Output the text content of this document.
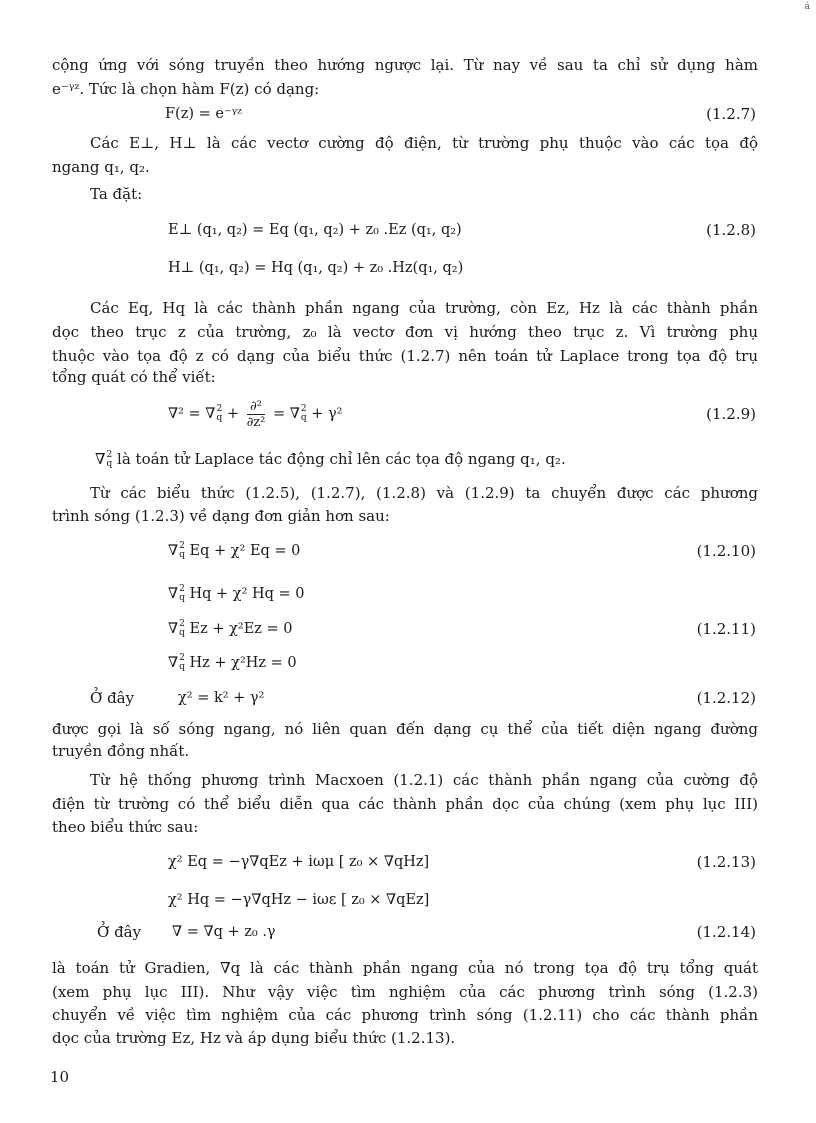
á
cộng ứng với sóng truyền theo hướng ngược lại. Từ nay về sau ta chỉ sử dụng hàm
e⁻ᵞᶻ. Tức là chọn hàm F(z) có dạng:
F(z) = e⁻ᵞᶻ	(1.2.7)
Các E⊥, H⊥ là các vectơ cường độ điện, từ trường phụ thuộc vào các tọa độ
ngang q₁, q₂.
Ta đặt:
E⊥ (q₁, q₂) = Eq (q₁, q₂) + z₀ .Ez (q₁, q₂)	(1.2.8)
H⊥ (q₁, q₂) = Hq (q₁, q₂) + z₀ .Hz(q₁, q₂)
Các Eq, Hq là các thành phần ngang của trường, còn Ez, Hz là các thành phần
dọc theo trục z của trường, z₀ là vectơ đơn vị hướng theo trục z. Vì trường phụ
thuộc vào tọa độ z có dạng của biểu thức (1.2.7) nên toán tử Laplace trong tọa độ trụ
tổng quát có thể viết:
∇² = ∇ 2
$q + \frac{\text{∂²}}{\text{∂z²}}$ = ∇ 2
q + γ²	(1.2.9)
∇ 2
q là toán tử Laplace tác động chỉ lên các tọa độ ngang q₁, q₂.
Từ các biểu thức (1.2.5), (1.2.7), (1.2.8) và (1.2.9) ta chuyển được các phương
trình sóng (1.2.3) về dạng đơn giản hơn sau:
∇ 2
q Eq + χ² Eq = 0	(1.2.10)
∇ 2
q Hq + χ² Hq = 0
∇ 2
q Ez + χ²Ez = 0	(1.2.11)
∇ 2
q Hz + χ²Hz = 0
Ở đây	χ² = k² + γ²	(1.2.12)
được gọi là số sóng ngang, nó liên quan đến dạng cụ thể của tiết diện ngang đường
truyền đồng nhất.
Từ hệ thống phương trình Macxoen (1.2.1) các thành phần ngang của cường độ
điện từ trường có thể biểu diễn qua các thành phần dọc của chúng (xem phụ lục III)
theo biểu thức sau:
χ² Eq = −γ∇qEz + iωμ [ z₀ × ∇qHz]	(1.2.13)
χ² Hq = −γ∇qHz − iωε [ z₀ × ∇qEz]
Ở đây ∇ = ∇q + z₀ .γ	(1.2.14)
là toán tử Gradien, ∇q là các thành phần ngang của nó trong tọa độ trụ tổng quát
(xem phụ lục III). Như vậy việc tìm nghiệm của các phương trình sóng (1.2.3)
chuyển về việc tìm nghiệm của các phương trình sóng (1.2.11) cho các thành phần
dọc của trường Ez, Hz và áp dụng biểu thức (1.2.13).
10
